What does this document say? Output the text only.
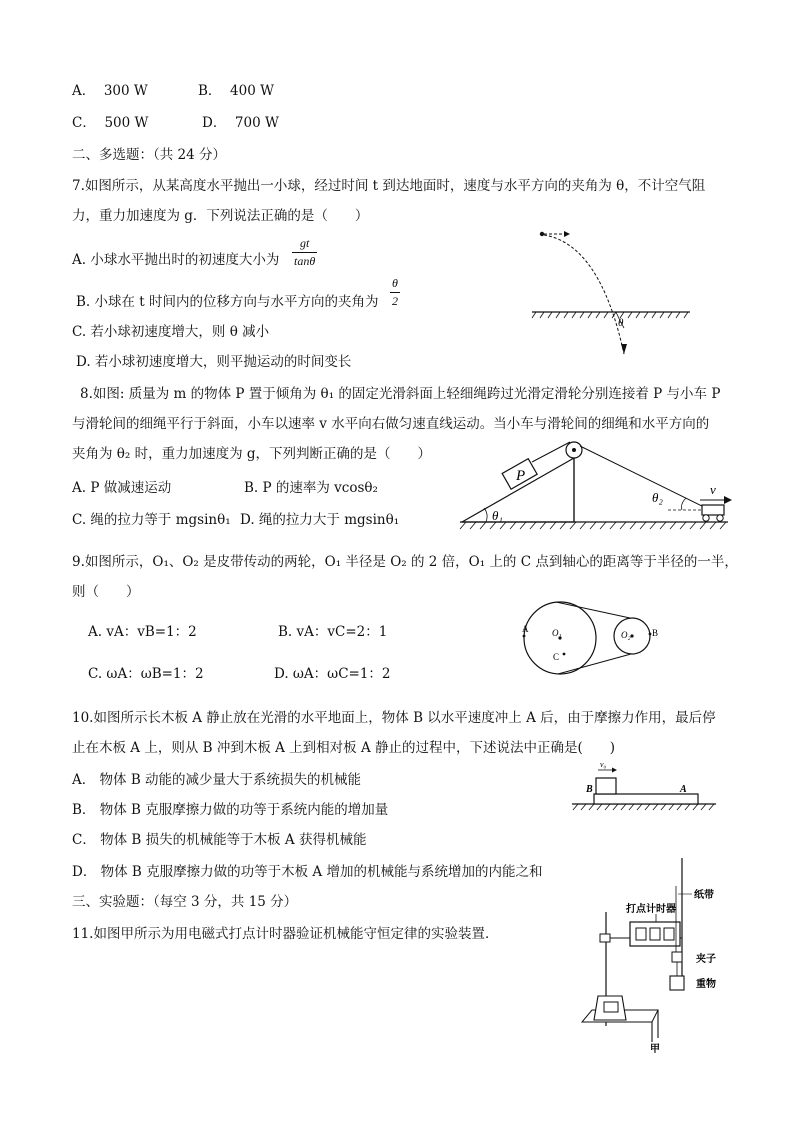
A． 300 W	B． 400 W
C． 500 W	D． 700 W
二、多选题：（共 24 分）
7.如图所示，从某高度水平抛出一小球，经过时间 t 到达地面时，速度与水平方向的夹角为 θ，不计空气阻
力，重力加速度为 g．下列说法正确的是（　　）
A. 小球水平抛出时的初速度大小为 $\frac{gt}{\tan\theta}$
B. 小球在 t 时间内的位移方向与水平方向的夹角为 $\frac{\theta}{2}$
C. 若小球初速度增大，则 θ 减小
D. 若小球初速度增大，则平抛运动的时间变长
θ
8.如图: 质量为 m 的物体 P 置于倾角为 θ₁ 的固定光滑斜面上轻细绳跨过光滑定滑轮分别连接着 P 与小车 P
与滑轮间的细绳平行于斜面，小车以速率 v 水平向右做匀速直线运动。当小车与滑轮间的细绳和水平方向的
夹角为 θ₂ 时，重力加速度为 g，下列判断正确的是（　　）
A. P 做减速运动	B. P 的速率为 vcosθ₂
C. 绳的拉力等于 mgsinθ₁ D. 绳的拉力大于 mgsinθ₁
P
θ₁
θ₂
v
9.如图所示，O₁、O₂ 是皮带传动的两轮，O₁ 半径是 O₂ 的 2 倍，O₁ 上的 C 点到轴心的距离等于半径的一半，
则（　　）
A. vA：vB=1：2	B. vA：vC=2：1
C. ωA：ωB=1：2	D. ωA：ωC=1：2
A	B
C
O₁	O₂
10.如图所示长木板 A 静止放在光滑的水平地面上，物体 B 以水平速度冲上 A 后，由于摩擦力作用，最后停
止在木板 A 上，则从 B 冲到木板 A 上到相对板 A 静止的过程中，下述说法中正确是(　　)
A． 物体 B 动能的减少量大于系统损失的机械能
B． 物体 B 克服摩擦力做的功等于系统内能的增加量
C． 物体 B 损失的机械能等于木板 A 获得机械能
D． 物体 B 克服摩擦力做的功等于木板 A 增加的机械能与系统增加的内能之和
v₀
B	A
三、实验题：（每空 3 分，共 15 分）
11.如图甲所示为用电磁式打点计时器验证机械能守恒定律的实验装置．
打点计时器
纸带
夹子
重物
甲
